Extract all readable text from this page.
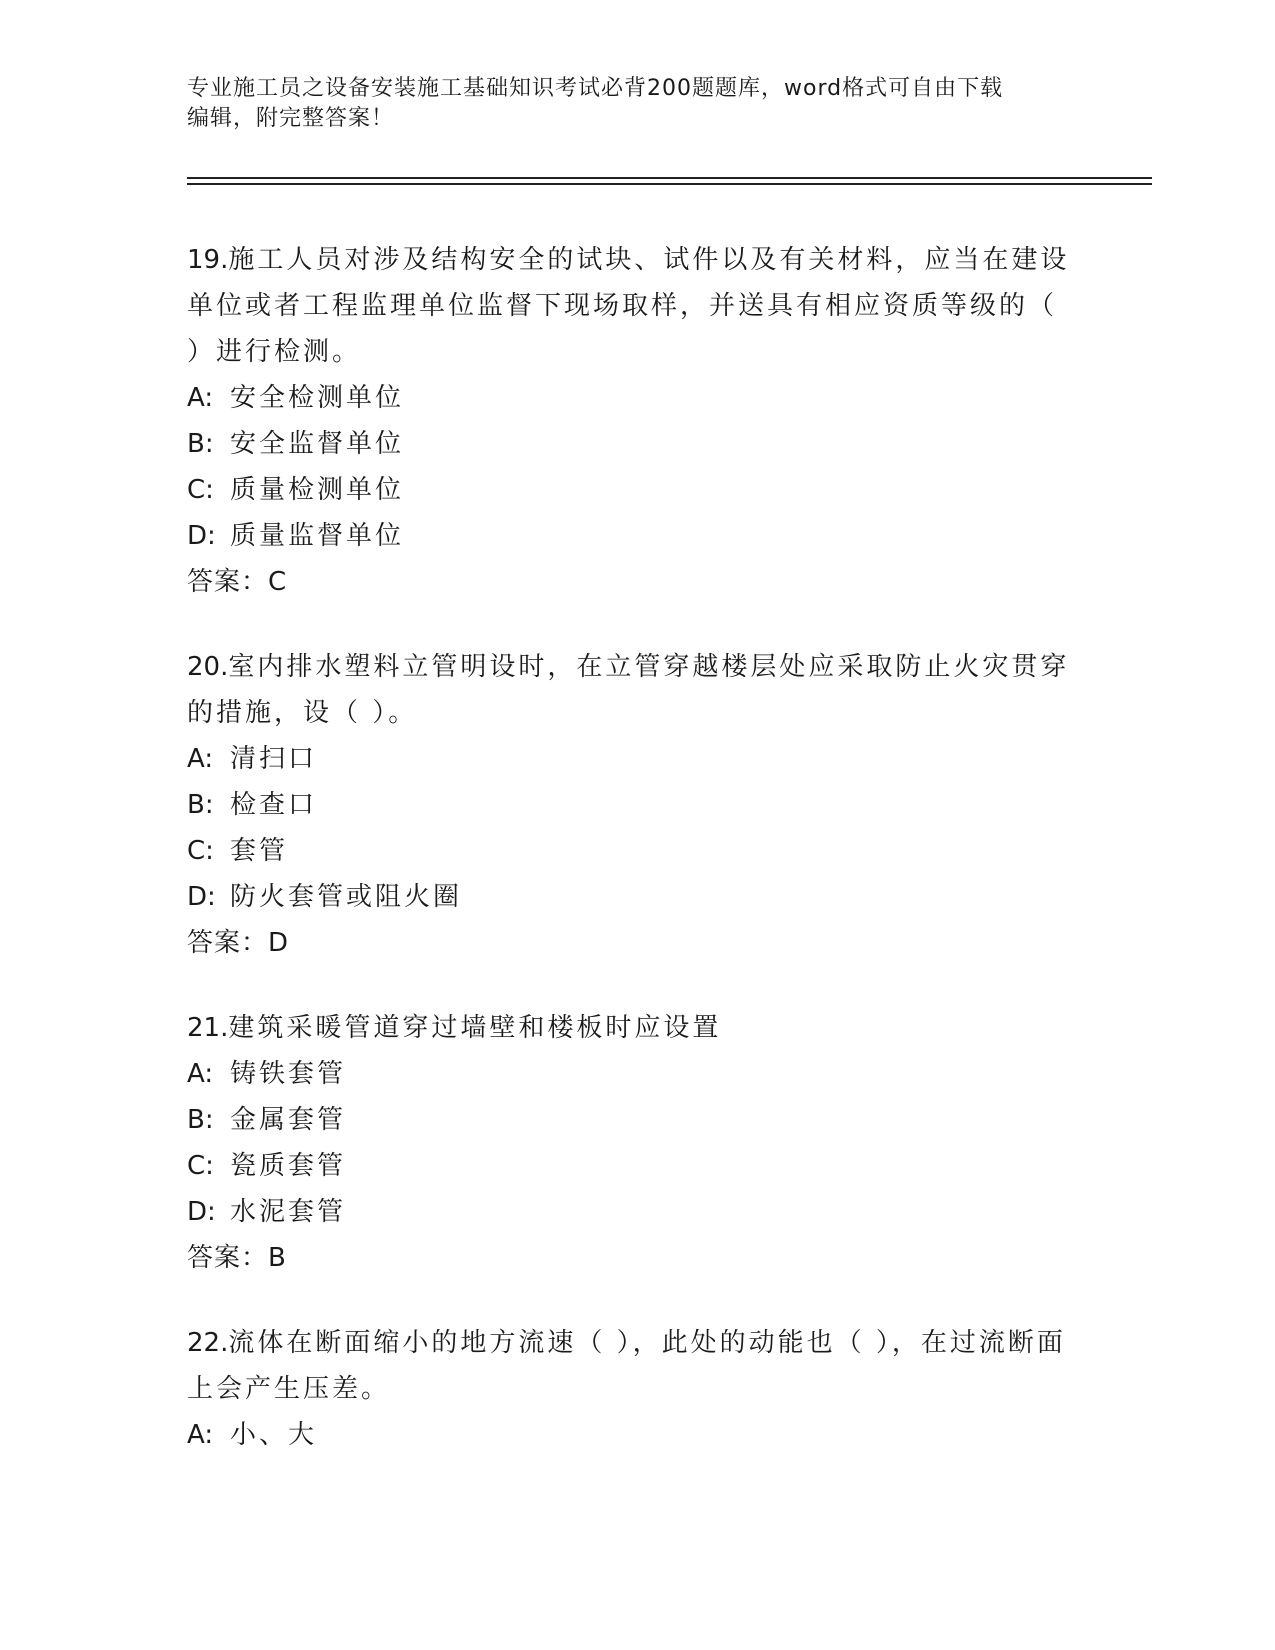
专业施工员之设备安装施工基础知识考试必背200题题库，word格式可自由下载
编辑，附完整答案！
19.施工人员对涉及结构安全的试块、试件以及有关材料，应当在建设单位或者工程监理单位监督下现场取样，并送具有相应资质等级的（ ）进行检测。
A: 安全检测单位
B: 安全监督单位
C: 质量检测单位
D: 质量监督单位
答案：C
20.室内排水塑料立管明设时，在立管穿越楼层处应采取防止火灾贯穿的措施，设（ ）。
A: 清扫口
B: 检查口
C: 套管
D: 防火套管或阻火圈
答案：D
21.建筑采暖管道穿过墙壁和楼板时应设置
A: 铸铁套管
B: 金属套管
C: 瓷质套管
D: 水泥套管
答案：B
22.流体在断面缩小的地方流速（ ），此处的动能也（ ），在过流断面上会产生压差。
A: 小、大
